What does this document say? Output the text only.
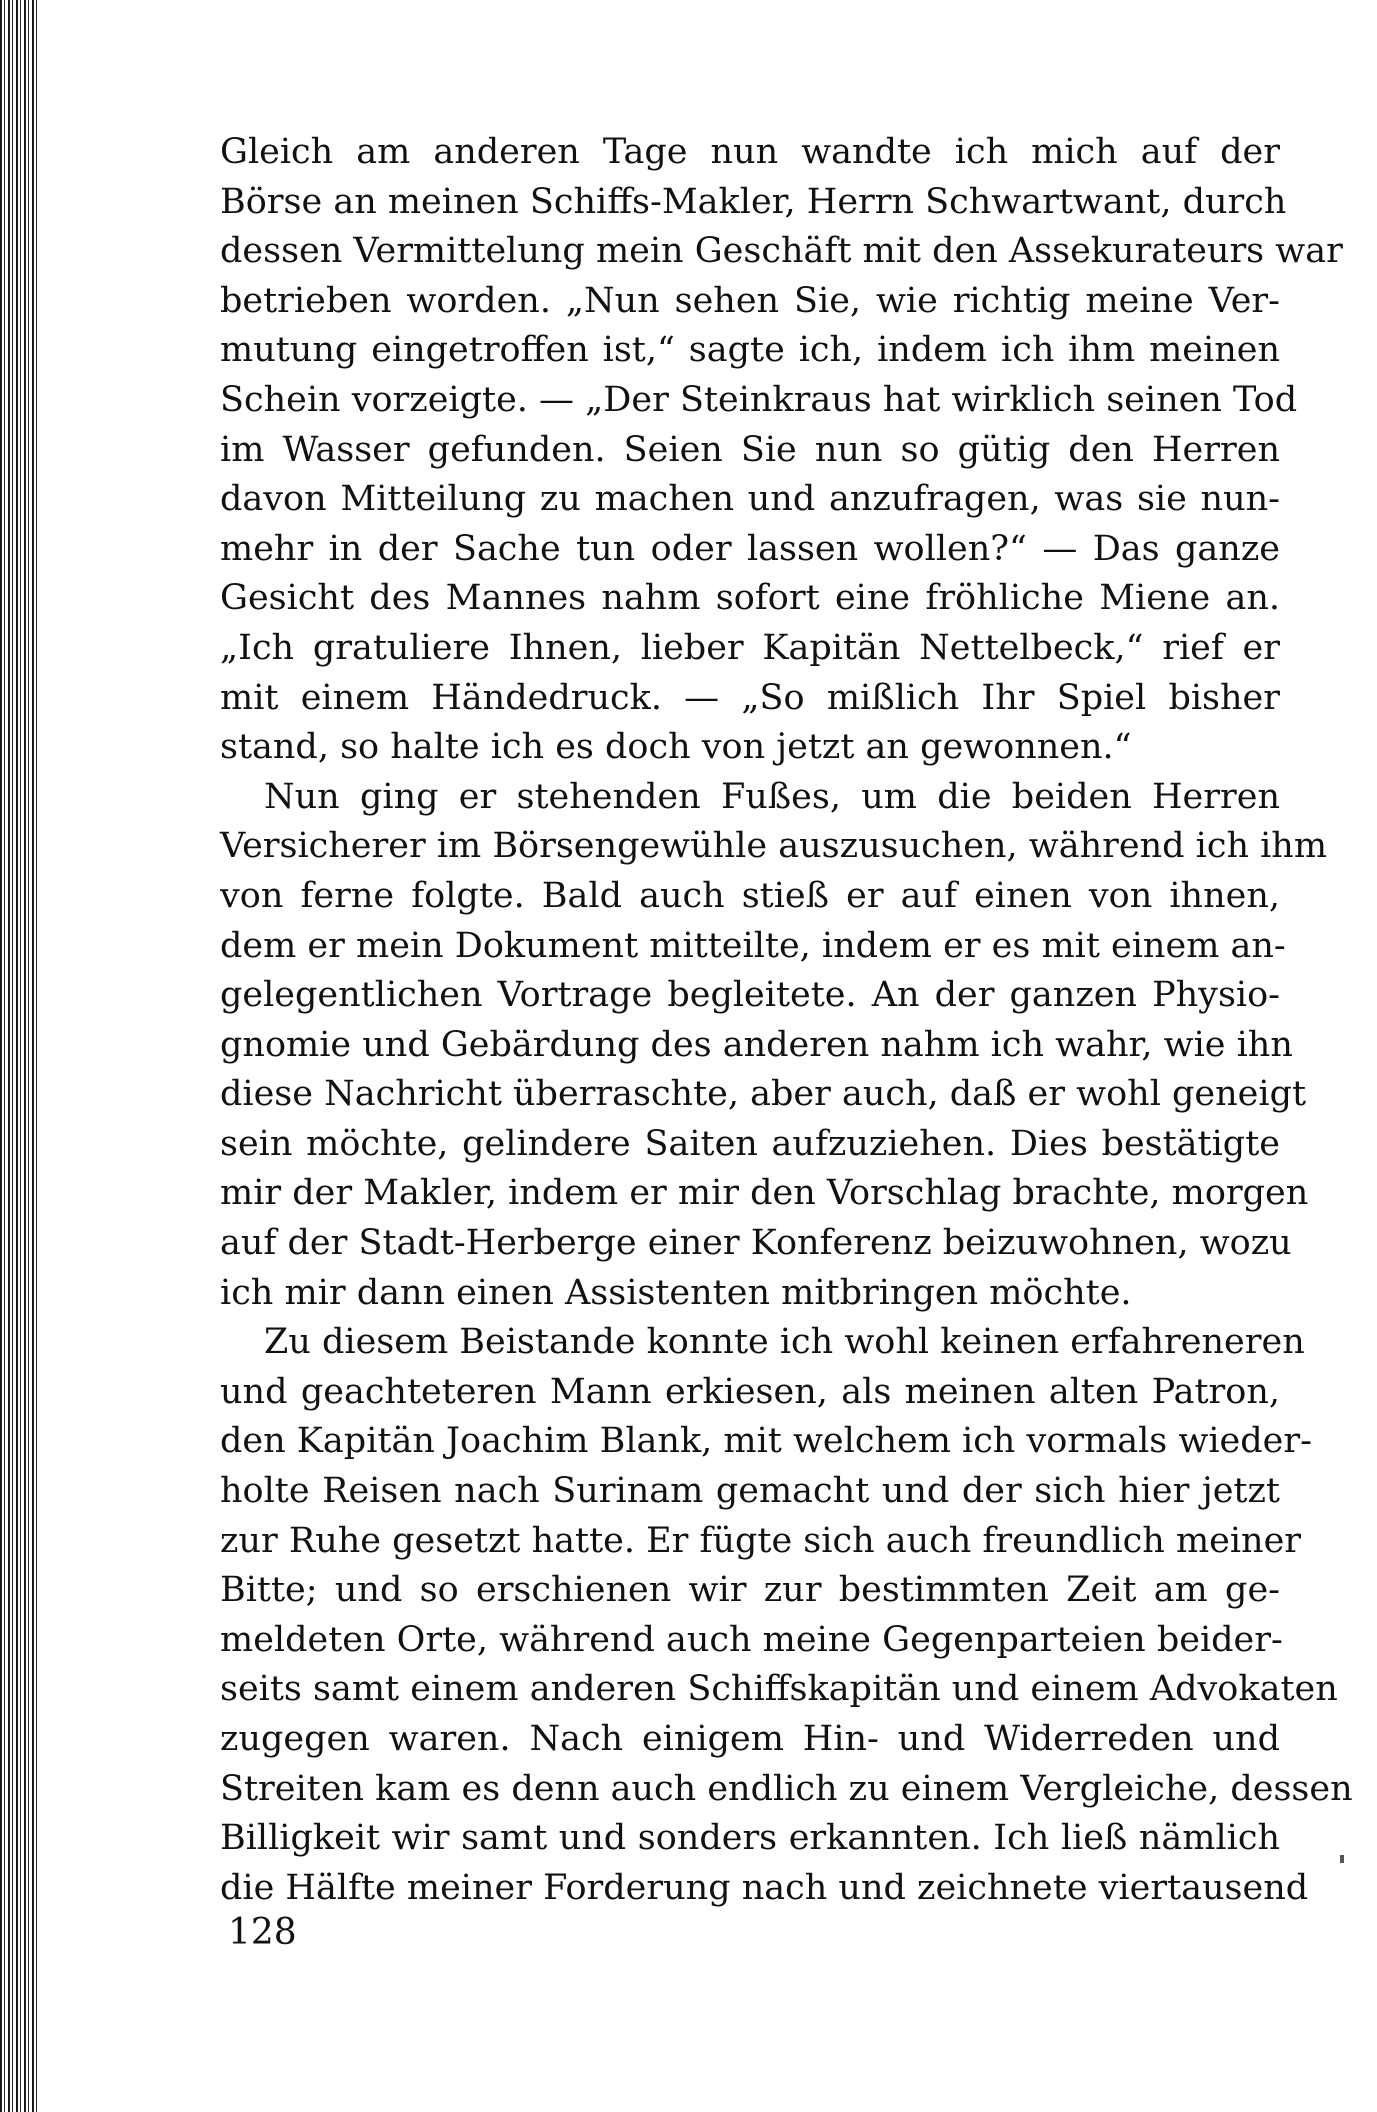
Gleich am anderen Tage nun wandte ich mich auf der
Börse an meinen Schiffs-Makler, Herrn Schwartwant, durch
dessen Vermittelung mein Geschäft mit den Assekurateurs war
betrieben worden. „Nun sehen Sie, wie richtig meine Ver-
mutung eingetroffen ist,“ sagte ich, indem ich ihm meinen
Schein vorzeigte. — „Der Steinkraus hat wirklich seinen Tod
im Wasser gefunden. Seien Sie nun so gütig den Herren
davon Mitteilung zu machen und anzufragen, was sie nun-
mehr in der Sache tun oder lassen wollen?“ — Das ganze
Gesicht des Mannes nahm sofort eine fröhliche Miene an.
„Ich gratuliere Ihnen, lieber Kapitän Nettelbeck,“ rief er
mit einem Händedruck. — „So mißlich Ihr Spiel bisher
stand, so halte ich es doch von jetzt an gewonnen.“
Nun ging er stehenden Fußes, um die beiden Herren
Versicherer im Börsengewühle auszusuchen, während ich ihm
von ferne folgte. Bald auch stieß er auf einen von ihnen,
dem er mein Dokument mitteilte, indem er es mit einem an-
gelegentlichen Vortrage begleitete. An der ganzen Physio-
gnomie und Gebärdung des anderen nahm ich wahr, wie ihn
diese Nachricht überraschte, aber auch, daß er wohl geneigt
sein möchte, gelindere Saiten aufzuziehen. Dies bestätigte
mir der Makler, indem er mir den Vorschlag brachte, morgen
auf der Stadt-Herberge einer Konferenz beizuwohnen, wozu
ich mir dann einen Assistenten mitbringen möchte.
Zu diesem Beistande konnte ich wohl keinen erfahreneren
und geachteteren Mann erkiesen, als meinen alten Patron,
den Kapitän Joachim Blank, mit welchem ich vormals wieder-
holte Reisen nach Surinam gemacht und der sich hier jetzt
zur Ruhe gesetzt hatte. Er fügte sich auch freundlich meiner
Bitte; und so erschienen wir zur bestimmten Zeit am ge-
meldeten Orte, während auch meine Gegenparteien beider-
seits samt einem anderen Schiffskapitän und einem Advokaten
zugegen waren. Nach einigem Hin- und Widerreden und
Streiten kam es denn auch endlich zu einem Vergleiche, dessen
Billigkeit wir samt und sonders erkannten. Ich ließ nämlich
die Hälfte meiner Forderung nach und zeichnete viertausend
128
